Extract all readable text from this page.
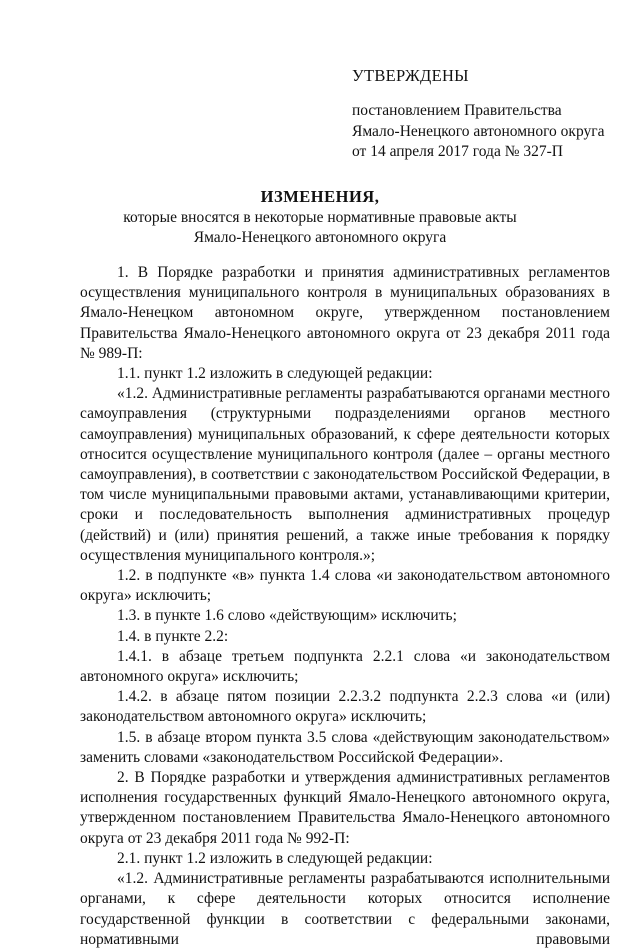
УТВЕРЖДЕНЫ
постановлением Правительства
Ямало-Ненецкого автономного округа
от 14 апреля 2017 года № 327-П
ИЗМЕНЕНИЯ,
которые вносятся в некоторые нормативные правовые акты
Ямало-Ненецкого автономного округа

1. В Порядке разработки и принятия административных регламентов осуществления муниципального контроля в муниципальных образованиях в Ямало-Ненецком автономном округе, утвержденном постановлением Правительства Ямало-Ненецкого автономного округа от 23 декабря 2011 года № 989-П:

1.1. пункт 1.2 изложить в следующей редакции:

«1.2. Административные регламенты разрабатываются органами местного самоуправления (структурными подразделениями органов местного самоуправления) муниципальных образований, к сфере деятельности которых относится осуществление муниципального контроля (далее – органы местного самоуправления), в соответствии с законодательством Российской Федерации, в том числе муниципальными правовыми актами, устанавливающими критерии, сроки и последовательность выполнения административных процедур (действий) и (или) принятия решений, а также иные требования к порядку осуществления муниципального контроля.»;

1.2. в подпункте «в» пункта 1.4 слова «и законодательством автономного округа» исключить;

1.3. в пункте 1.6 слово «действующим» исключить;

1.4. в пункте 2.2:

1.4.1. в абзаце третьем подпункта 2.2.1 слова «и законодательством автономного округа» исключить;

1.4.2. в абзаце пятом позиции 2.2.3.2 подпункта 2.2.3 слова «и (или) законодательством автономного округа» исключить;

1.5. в абзаце втором пункта 3.5 слова «действующим законодательством» заменить словами «законодательством Российской Федерации».

2. В Порядке разработки и утверждения административных регламентов исполнения государственных функций Ямало-Ненецкого автономного округа, утвержденном постановлением Правительства Ямало-Ненецкого автономного округа от 23 декабря 2011 года № 992-П:

2.1. пункт 1.2 изложить в следующей редакции:

«1.2. Административные регламенты разрабатываются исполнительными органами, к сфере деятельности которых относится исполнение государственной функции в соответствии с федеральными законами, нормативными правовыми
